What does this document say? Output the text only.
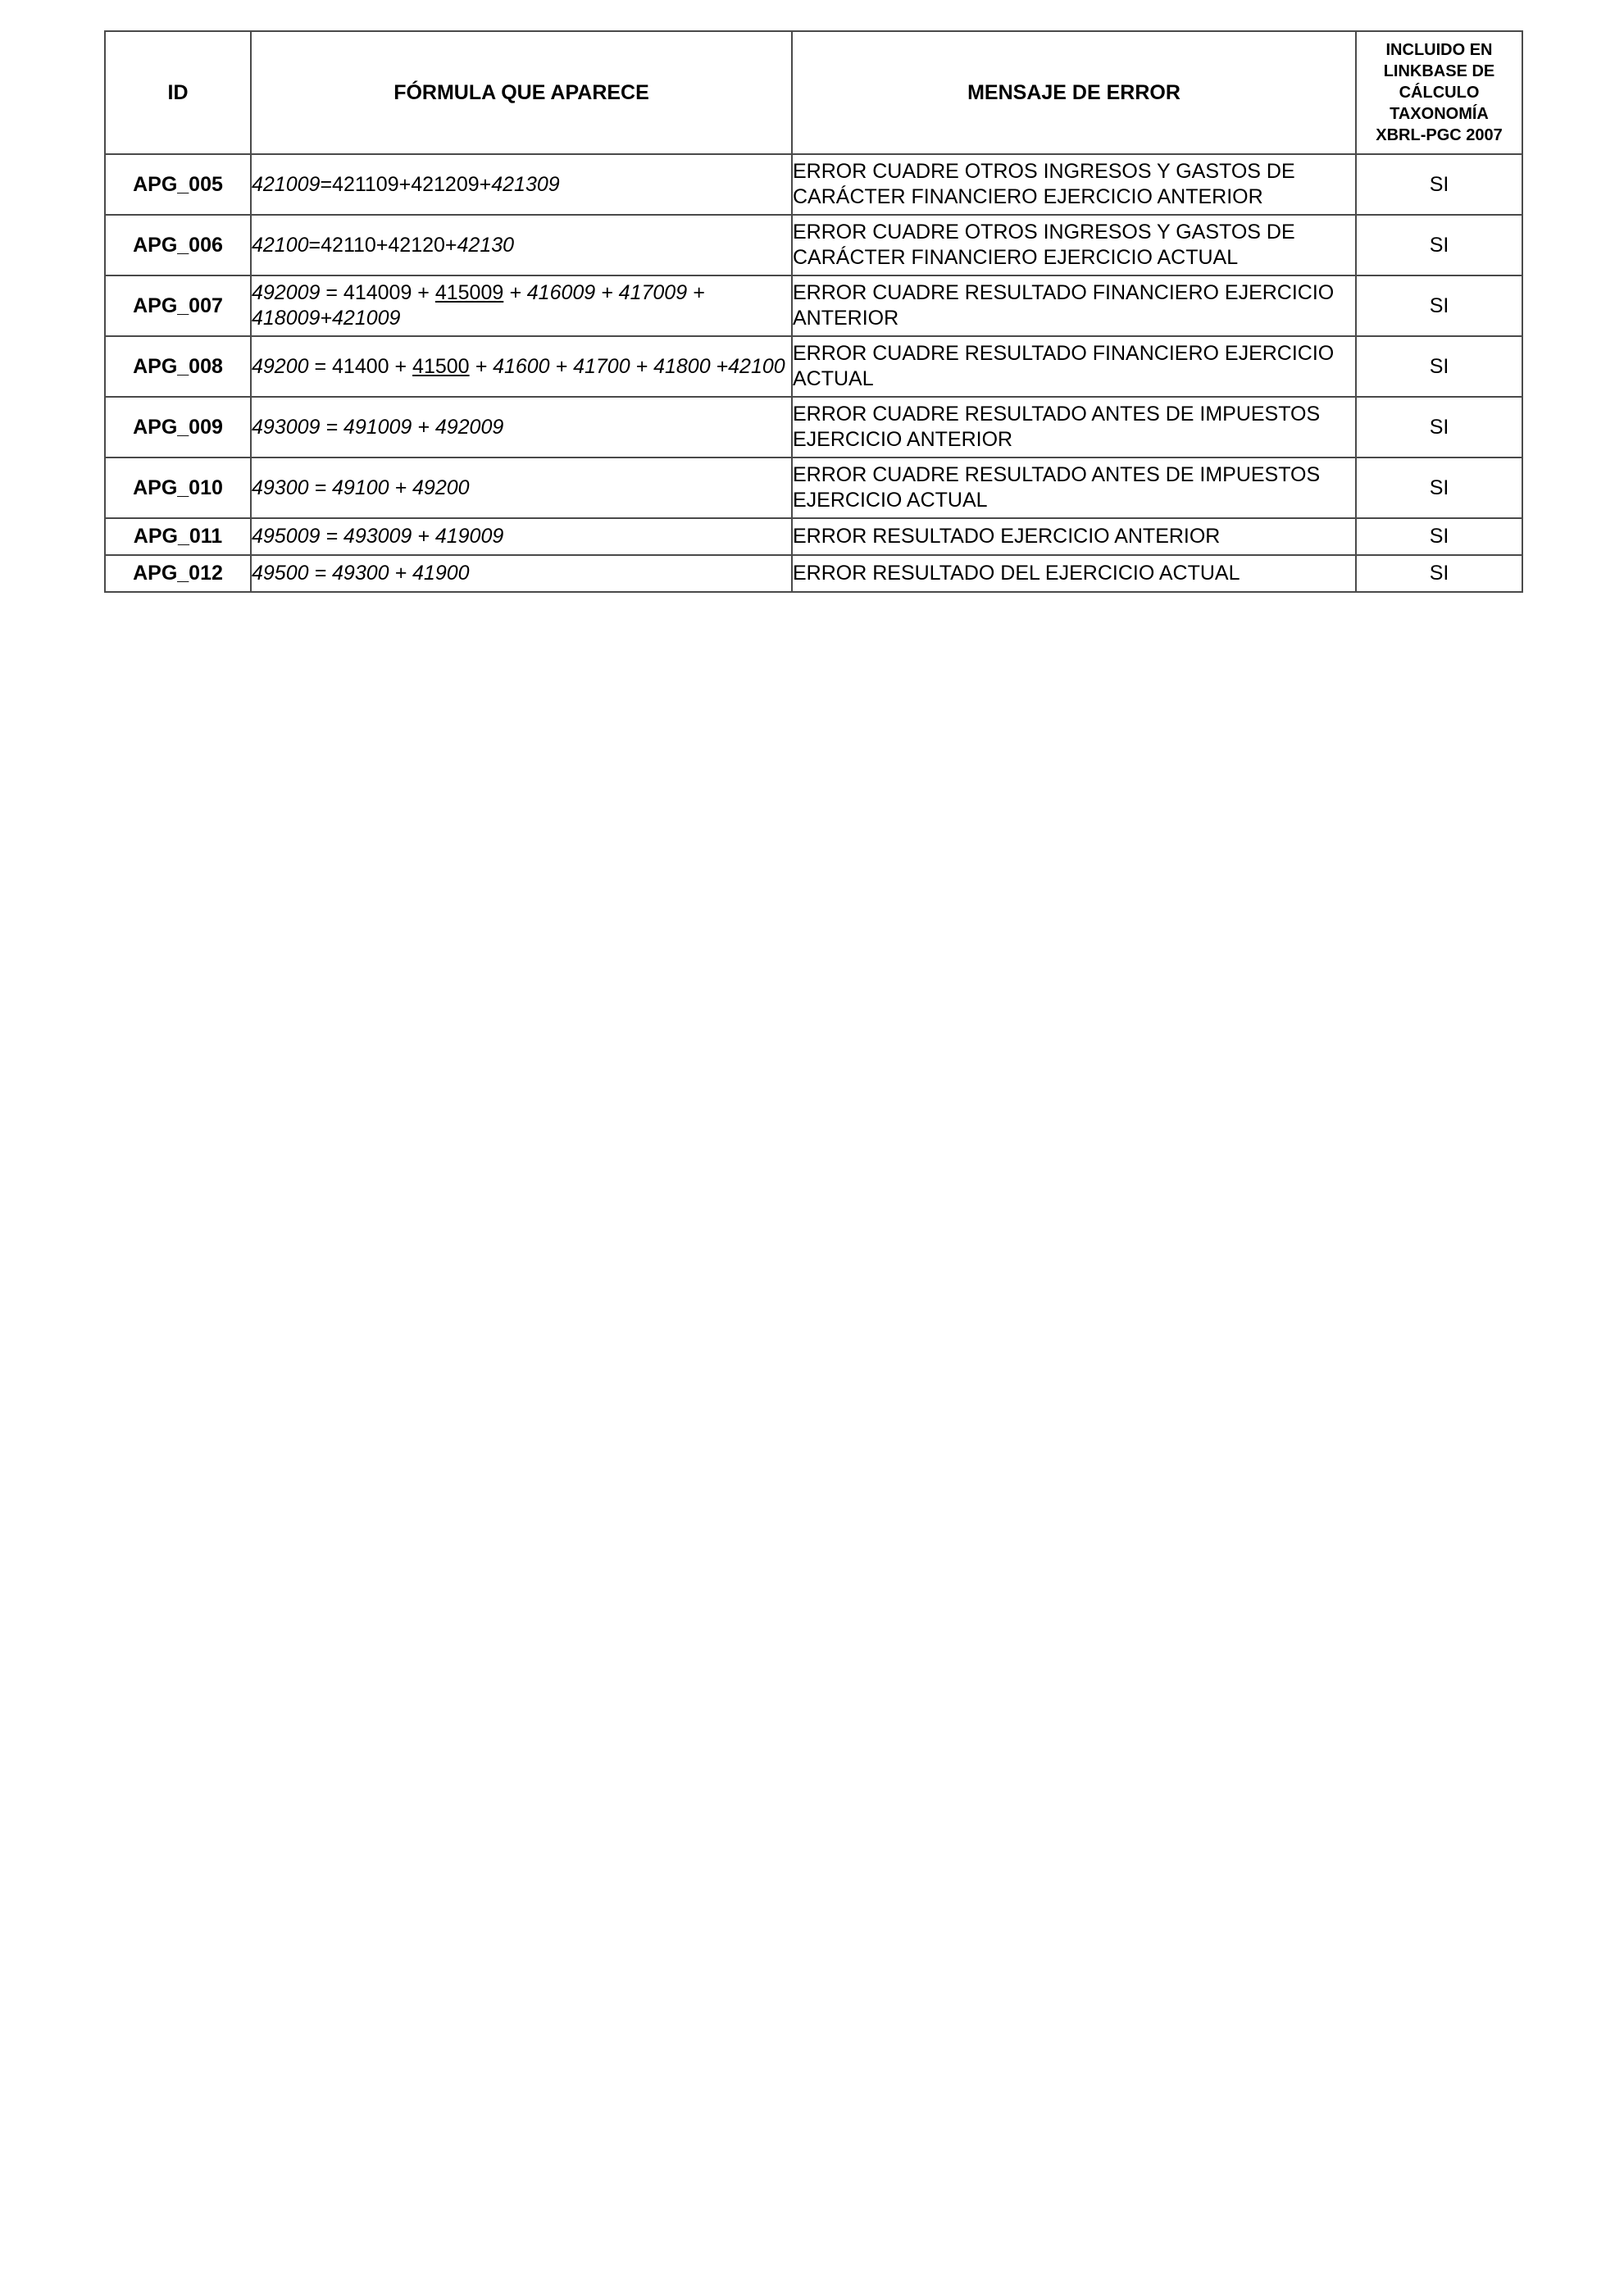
ID	FÓRMULA QUE APARECE	MENSAJE DE ERROR	INCLUIDO EN
LINKBASE DE
CÁLCULO
TAXONOMÍA
XBRL-PGC 2007

APG_005	421009=421109+421209+421309	ERROR CUADRE OTROS INGRESOS Y GASTOS DE CARÁCTER FINANCIERO EJERCICIO ANTERIOR	SI
APG_006	42100=42110+42120+42130	ERROR CUADRE OTROS INGRESOS Y GASTOS DE CARÁCTER FINANCIERO EJERCICIO ACTUAL	SI
APG_007	492009 = 414009 + 415009 + 416009 + 417009 + 418009+421009	ERROR CUADRE RESULTADO FINANCIERO EJERCICIO ANTERIOR	SI
APG_008	49200 = 41400 + 41500 + 41600 + 41700 + 41800 +42100	ERROR CUADRE RESULTADO FINANCIERO EJERCICIO ACTUAL	SI
APG_009	493009 = 491009 + 492009	ERROR CUADRE RESULTADO ANTES DE IMPUESTOS EJERCICIO ANTERIOR	SI
APG_010	49300 = 49100 + 49200	ERROR CUADRE RESULTADO ANTES DE IMPUESTOS EJERCICIO ACTUAL	SI
APG_011	495009 = 493009 + 419009	ERROR RESULTADO EJERCICIO ANTERIOR	SI
APG_012	49500 = 49300 + 41900	ERROR RESULTADO DEL EJERCICIO ACTUAL	SI
